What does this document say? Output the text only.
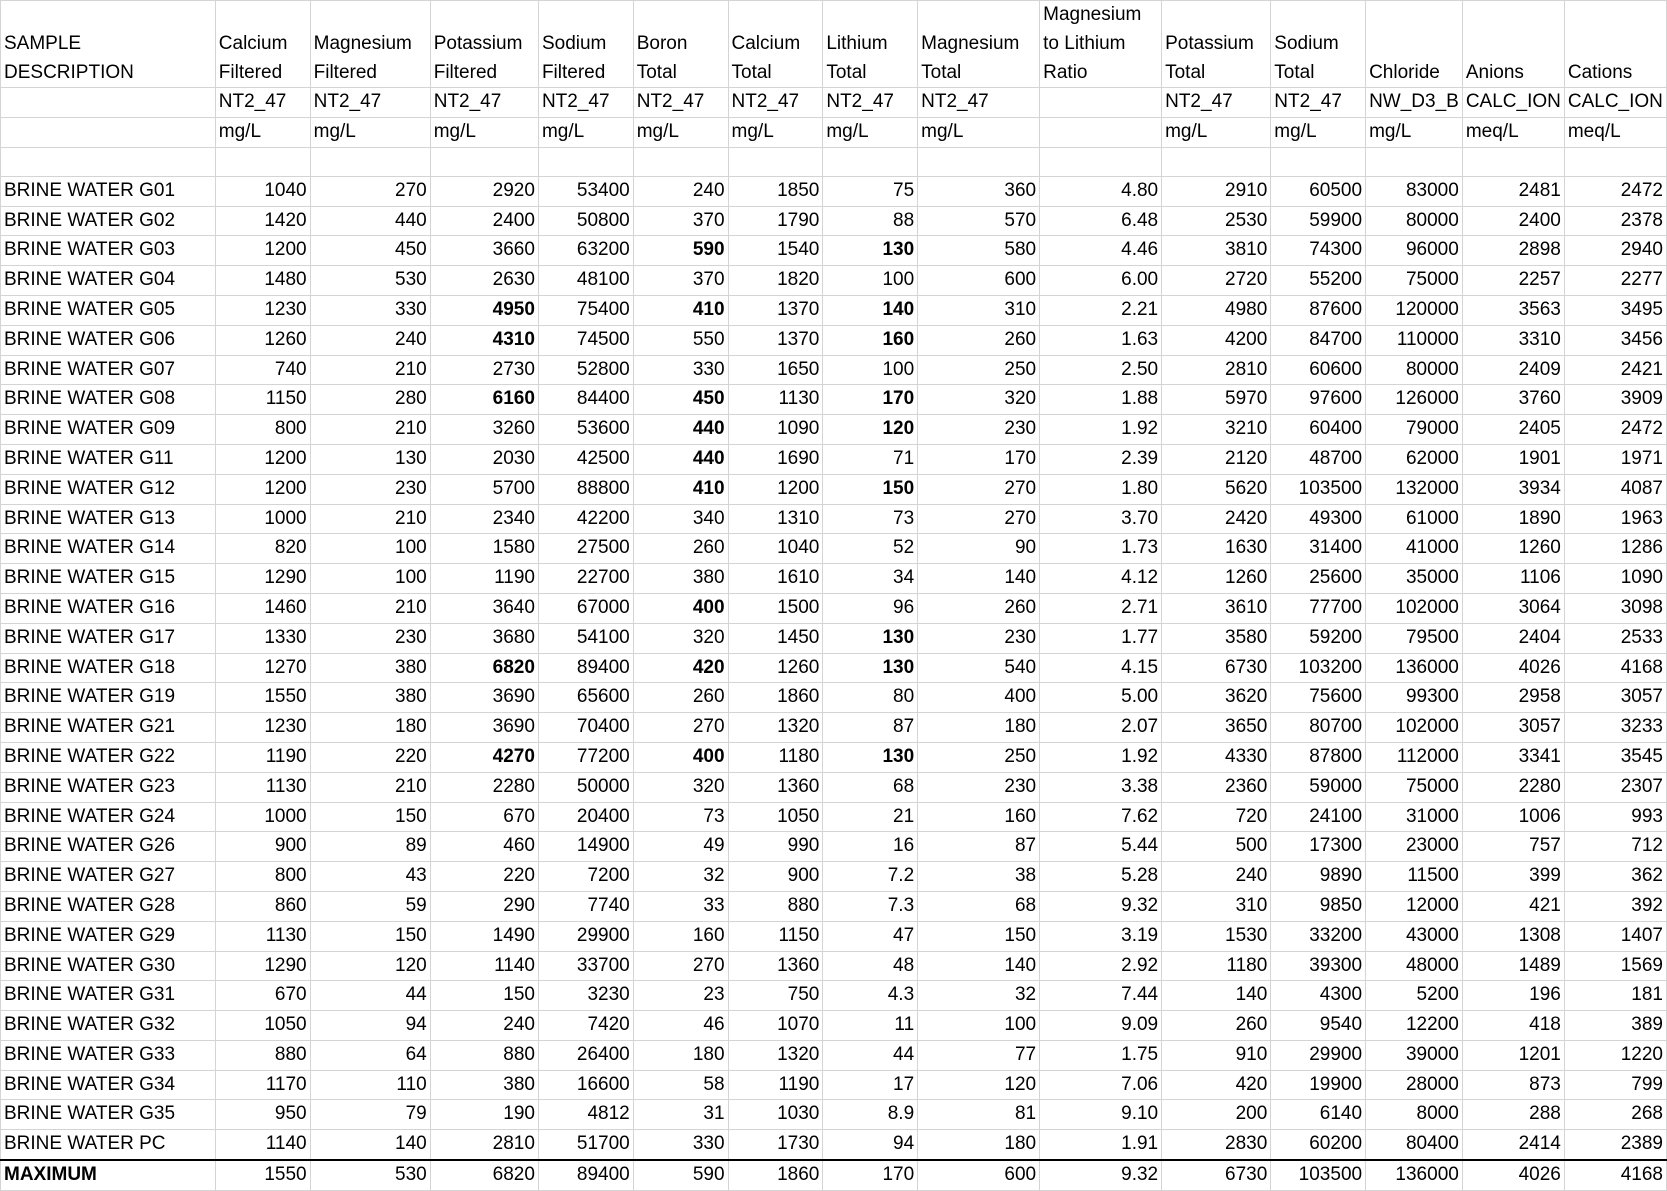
SAMPLE DESCRIPTION	Calcium Filtered	Magnesium Filtered	Potassium Filtered	Sodium Filtered	Boron Total	Calcium Total	Lithium Total	Magnesium Total	Magnesium to Lithium Ratio	Potassium Total	Sodium Total	Chloride	Anions	Cations
	NT2_47	NT2_47	NT2_47	NT2_47	NT2_47	NT2_47	NT2_47	NT2_47		NT2_47	NT2_47	NW_D3_B	CALC_ION	CALC_ION
	mg/L	mg/L	mg/L	mg/L	mg/L	mg/L	mg/L	mg/L		mg/L	mg/L	mg/L	meq/L	meq/L

BRINE WATER G01	1040	270	2920	53400	240	1850	75	360	4.80	2910	60500	83000	2481	2472
BRINE WATER G02	1420	440	2400	50800	370	1790	88	570	6.48	2530	59900	80000	2400	2378
BRINE WATER G03	1200	450	3660	63200	590	1540	130	580	4.46	3810	74300	96000	2898	2940
BRINE WATER G04	1480	530	2630	48100	370	1820	100	600	6.00	2720	55200	75000	2257	2277
BRINE WATER G05	1230	330	4950	75400	410	1370	140	310	2.21	4980	87600	120000	3563	3495
BRINE WATER G06	1260	240	4310	74500	550	1370	160	260	1.63	4200	84700	110000	3310	3456
BRINE WATER G07	740	210	2730	52800	330	1650	100	250	2.50	2810	60600	80000	2409	2421
BRINE WATER G08	1150	280	6160	84400	450	1130	170	320	1.88	5970	97600	126000	3760	3909
BRINE WATER G09	800	210	3260	53600	440	1090	120	230	1.92	3210	60400	79000	2405	2472
BRINE WATER G11	1200	130	2030	42500	440	1690	71	170	2.39	2120	48700	62000	1901	1971
BRINE WATER G12	1200	230	5700	88800	410	1200	150	270	1.80	5620	103500	132000	3934	4087
BRINE WATER G13	1000	210	2340	42200	340	1310	73	270	3.70	2420	49300	61000	1890	1963
BRINE WATER G14	820	100	1580	27500	260	1040	52	90	1.73	1630	31400	41000	1260	1286
BRINE WATER G15	1290	100	1190	22700	380	1610	34	140	4.12	1260	25600	35000	1106	1090
BRINE WATER G16	1460	210	3640	67000	400	1500	96	260	2.71	3610	77700	102000	3064	3098
BRINE WATER G17	1330	230	3680	54100	320	1450	130	230	1.77	3580	59200	79500	2404	2533
BRINE WATER G18	1270	380	6820	89400	420	1260	130	540	4.15	6730	103200	136000	4026	4168
BRINE WATER G19	1550	380	3690	65600	260	1860	80	400	5.00	3620	75600	99300	2958	3057
BRINE WATER G21	1230	180	3690	70400	270	1320	87	180	2.07	3650	80700	102000	3057	3233
BRINE WATER G22	1190	220	4270	77200	400	1180	130	250	1.92	4330	87800	112000	3341	3545
BRINE WATER G23	1130	210	2280	50000	320	1360	68	230	3.38	2360	59000	75000	2280	2307
BRINE WATER G24	1000	150	670	20400	73	1050	21	160	7.62	720	24100	31000	1006	993
BRINE WATER G26	900	89	460	14900	49	990	16	87	5.44	500	17300	23000	757	712
BRINE WATER G27	800	43	220	7200	32	900	7.2	38	5.28	240	9890	11500	399	362
BRINE WATER G28	860	59	290	7740	33	880	7.3	68	9.32	310	9850	12000	421	392
BRINE WATER G29	1130	150	1490	29900	160	1150	47	150	3.19	1530	33200	43000	1308	1407
BRINE WATER G30	1290	120	1140	33700	270	1360	48	140	2.92	1180	39300	48000	1489	1569
BRINE WATER G31	670	44	150	3230	23	750	4.3	32	7.44	140	4300	5200	196	181
BRINE WATER G32	1050	94	240	7420	46	1070	11	100	9.09	260	9540	12200	418	389
BRINE WATER G33	880	64	880	26400	180	1320	44	77	1.75	910	29900	39000	1201	1220
BRINE WATER G34	1170	110	380	16600	58	1190	17	120	7.06	420	19900	28000	873	799
BRINE WATER G35	950	79	190	4812	31	1030	8.9	81	9.10	200	6140	8000	288	268
BRINE WATER PC	1140	140	2810	51700	330	1730	94	180	1.91	2830	60200	80400	2414	2389
MAXIMUM	1550	530	6820	89400	590	1860	170	600	9.32	6730	103500	136000	4026	4168
